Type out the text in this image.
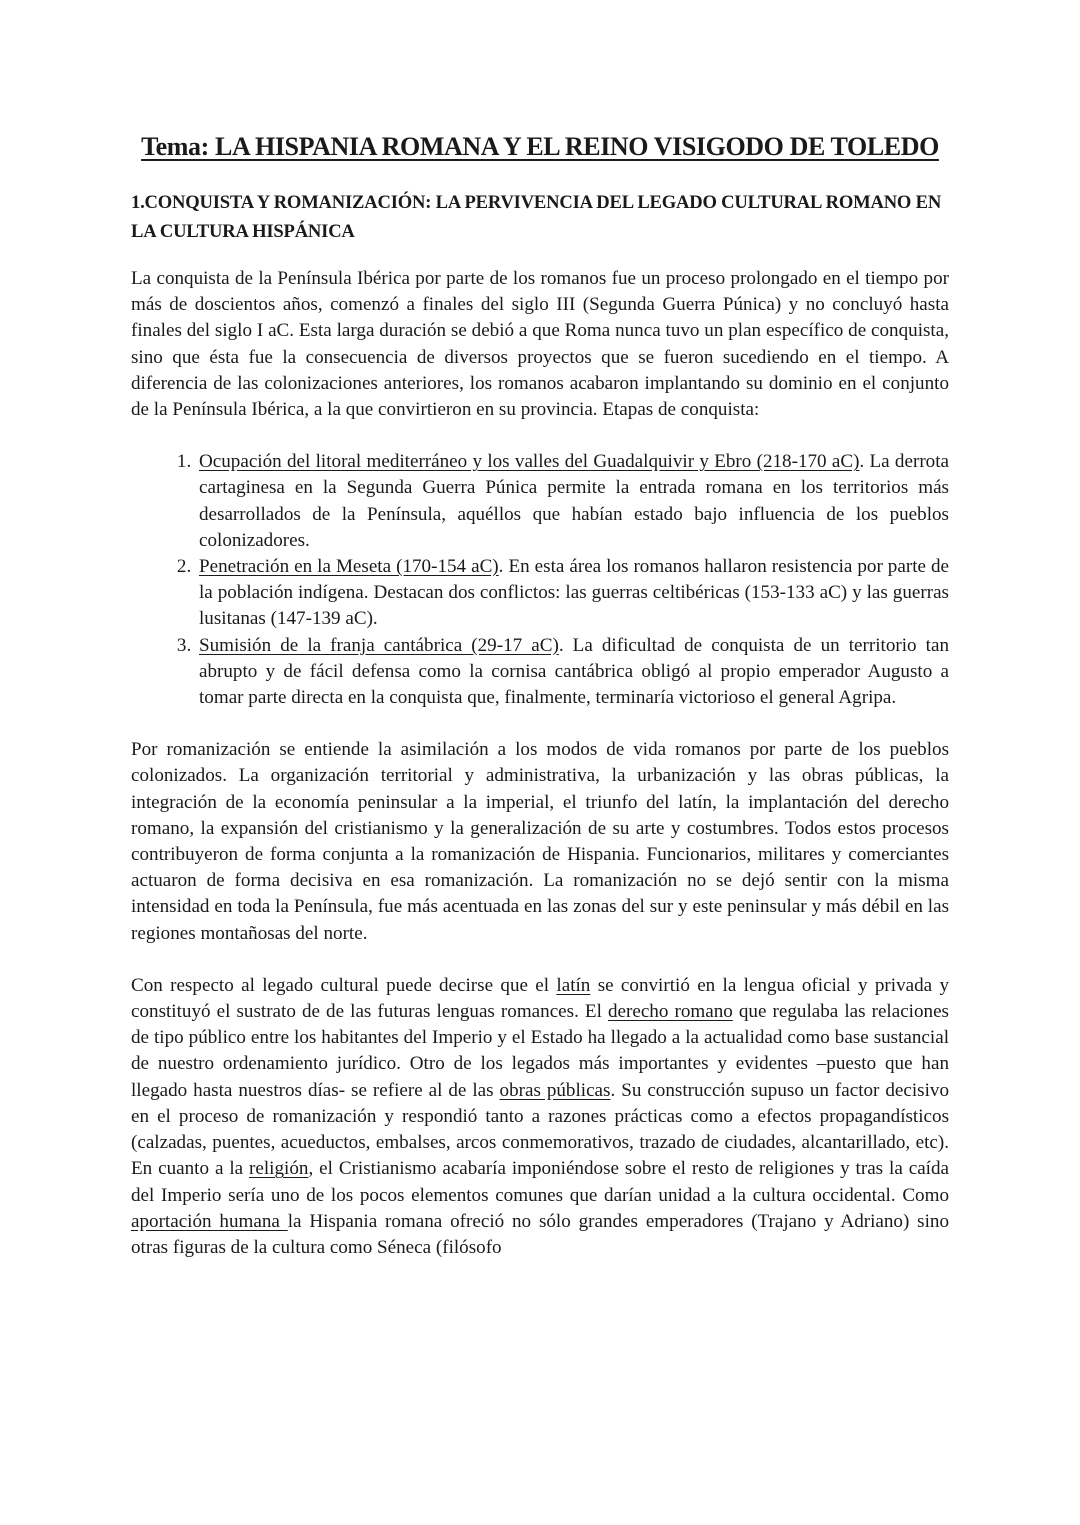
Tema: LA HISPANIA ROMANA Y EL REINO VISIGODO DE TOLEDO
1.CONQUISTA Y ROMANIZACIÓN: LA PERVIVENCIA DEL LEGADO CULTURAL ROMANO EN LA CULTURA HISPÁNICA

La conquista de la Península Ibérica por parte de los romanos fue un proceso prolongado en el tiempo por más de doscientos años, comenzó a finales del siglo III (Segunda Guerra Púnica) y no concluyó hasta finales del siglo I aC. Esta larga duración se debió a que Roma nunca tuvo un plan específico de conquista, sino que ésta fue la consecuencia de diversos proyectos que se fueron sucediendo en el tiempo. A diferencia de las colonizaciones anteriores, los romanos acabaron implantando su dominio en el conjunto de la Península Ibérica, a la que convirtieron en su provincia. Etapas de conquista:

1. Ocupación del litoral mediterráneo y los valles del Guadalquivir y Ebro (218-170 aC). La derrota cartaginesa en la Segunda Guerra Púnica permite la entrada romana en los territorios más desarrollados de la Península, aquéllos que habían estado bajo influencia de los pueblos colonizadores.
2. Penetración en la Meseta (170-154 aC). En esta área los romanos hallaron resistencia por parte de la población indígena. Destacan dos conflictos: las guerras celtibéricas (153-133 aC) y las guerras lusitanas (147-139 aC).
3. Sumisión de la franja cantábrica (29-17 aC). La dificultad de conquista de un territorio tan abrupto y de fácil defensa como la cornisa cantábrica obligó al propio emperador Augusto a tomar parte directa en la conquista que, finalmente, terminaría victorioso el general Agripa.

Por romanización se entiende la asimilación a los modos de vida romanos por parte de los pueblos colonizados. La organización territorial y administrativa, la urbanización y las obras públicas, la integración de la economía peninsular a la imperial, el triunfo del latín, la implantación del derecho romano, la expansión del cristianismo y la generalización de su arte y costumbres. Todos estos procesos contribuyeron de forma conjunta a la romanización de Hispania. Funcionarios, militares y comerciantes actuaron de forma decisiva en esa romanización. La romanización no se dejó sentir con la misma intensidad en toda la Península, fue más acentuada en las zonas del sur y este peninsular y más débil en las regiones montañosas del norte.

Con respecto al legado cultural puede decirse que el latín se convirtió en la lengua oficial y privada y constituyó el sustrato de de las futuras lenguas romances. El derecho romano que regulaba las relaciones de tipo público entre los habitantes del Imperio y el Estado ha llegado a la actualidad como base sustancial de nuestro ordenamiento jurídico. Otro de los legados más importantes y evidentes –puesto que han llegado hasta nuestros días- se refiere al de las obras públicas. Su construcción supuso un factor decisivo en el proceso de romanización y respondió tanto a razones prácticas como a efectos propagandísticos (calzadas, puentes, acueductos, embalses, arcos conmemorativos, trazado de ciudades, alcantarillado, etc). En cuanto a la religión, el Cristianismo acabaría imponiéndose sobre el resto de religiones y tras la caída del Imperio sería uno de los pocos elementos comunes que darían unidad a la cultura occidental. Como aportación humana la Hispania romana ofreció no sólo grandes emperadores (Trajano y Adriano) sino otras figuras de la cultura como Séneca (filósofo
